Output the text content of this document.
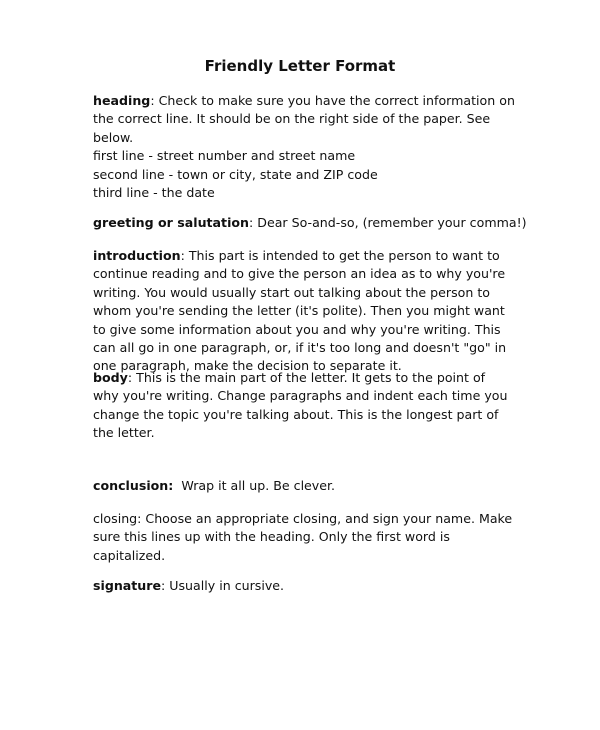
Friendly Letter Format
heading: Check to make sure you have the correct information on
the correct line. It should be on the right side of the paper. See
below.
first line - street number and street name
second line - town or city, state and ZIP code
third line - the date
greeting or salutation: Dear So-and-so, (remember your comma!)
introduction: This part is intended to get the person to want to
continue reading and to give the person an idea as to why you're
writing. You would usually start out talking about the person to
whom you're sending the letter (it's polite). Then you might want
to give some information about you and why you're writing. This
can all go in one paragraph, or, if it's too long and doesn't "go" in
one paragraph, make the decision to separate it.
body: This is the main part of the letter. It gets to the point of
why you're writing. Change paragraphs and indent each time you
change the topic you're talking about. This is the longest part of
the letter.
conclusion: Wrap it all up. Be clever.
closing: Choose an appropriate closing, and sign your name. Make
sure this lines up with the heading. Only the first word is
capitalized.
signature: Usually in cursive.
